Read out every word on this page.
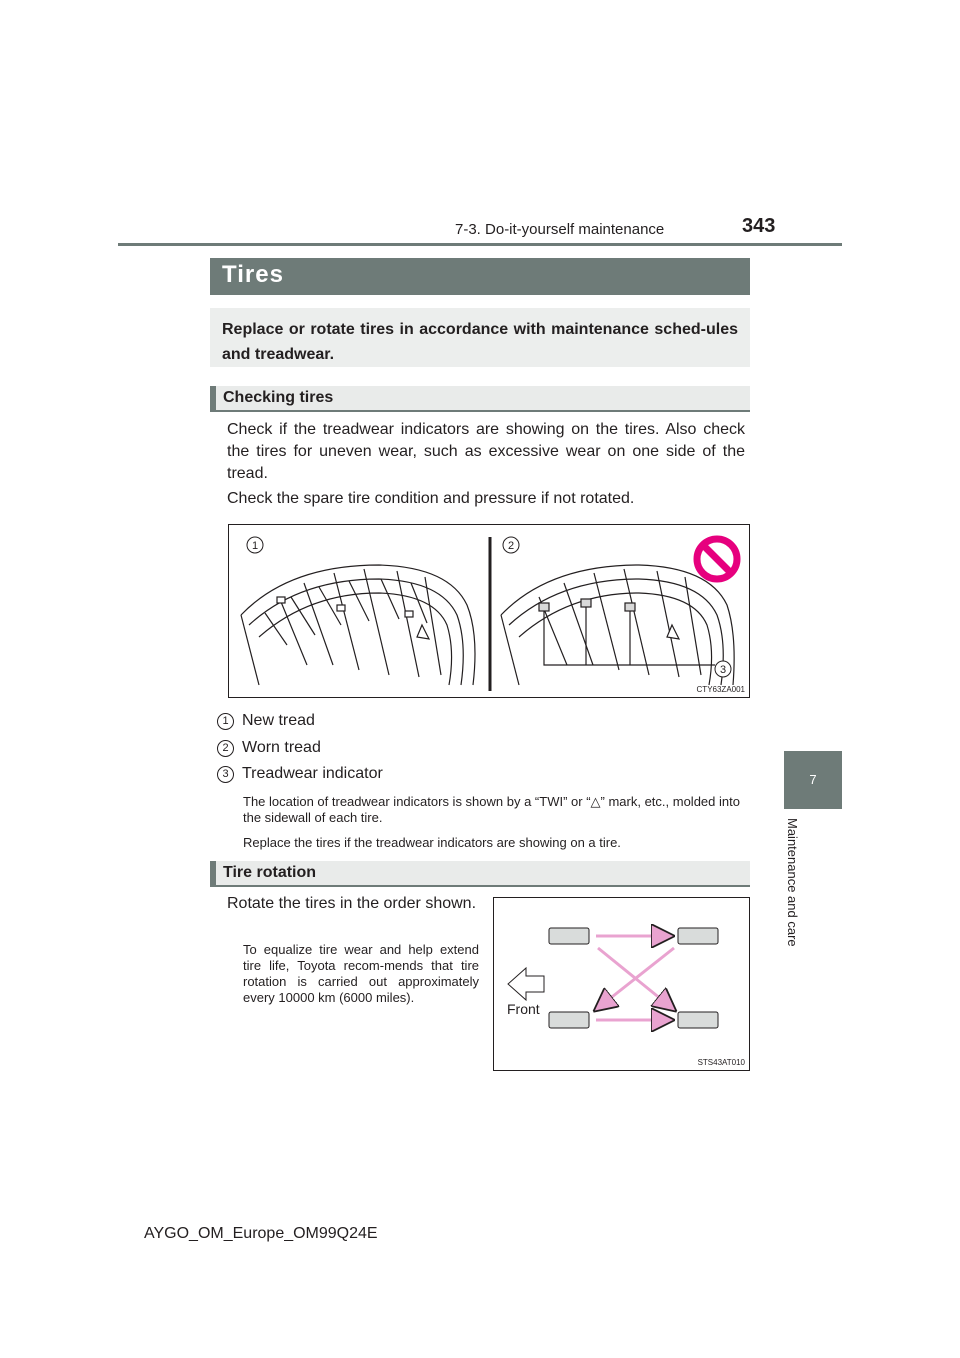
7-3. Do-it-yourself maintenance	343
7
Maintenance and care
Tires

Replace or rotate tires in accordance with maintenance sched-ules and treadwear.

Checking tires
Check if the treadwear indicators are showing on the tires. Also check the tires for uneven wear, such as excessive wear on one side of the tread.
Check the spare tire condition and pressure if not rotated.
1	2
3
CTY63ZA001
1 New tread
2 Worn tread
3 Treadwear indicator
The location of treadwear indicators is shown by a “TWI” or “△” mark, etc., molded into the sidewall of each tire.
Replace the tires if the treadwear indicators are showing on a tire.
Tire rotation
Rotate the tires in the order shown.
To equalize tire wear and help extend tire life, Toyota recom-mends that tire rotation is carried out approximately every 10000 km (6000 miles).
Front
STS43AT010
AYGO_OM_Europe_OM99Q24E
